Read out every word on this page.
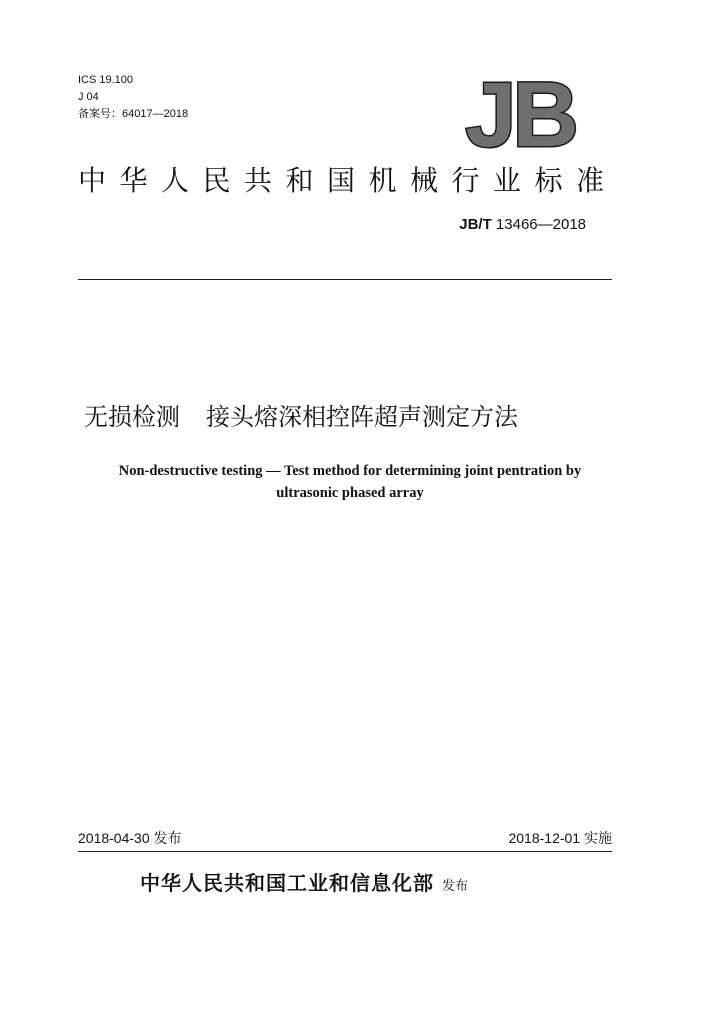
ICS 19.100
J 04
备案号：64017—2018	JB
中华人民共和国机械行业标准
JB/T 13466—2018
无损检测 接头熔深相控阵超声测定方法
Non-destructive testing — Test method for determining joint pentration by
ultrasonic phased array
2018-04-30 发布	2018-12-01 实施
中华人民共和国工业和信息化部 发布
